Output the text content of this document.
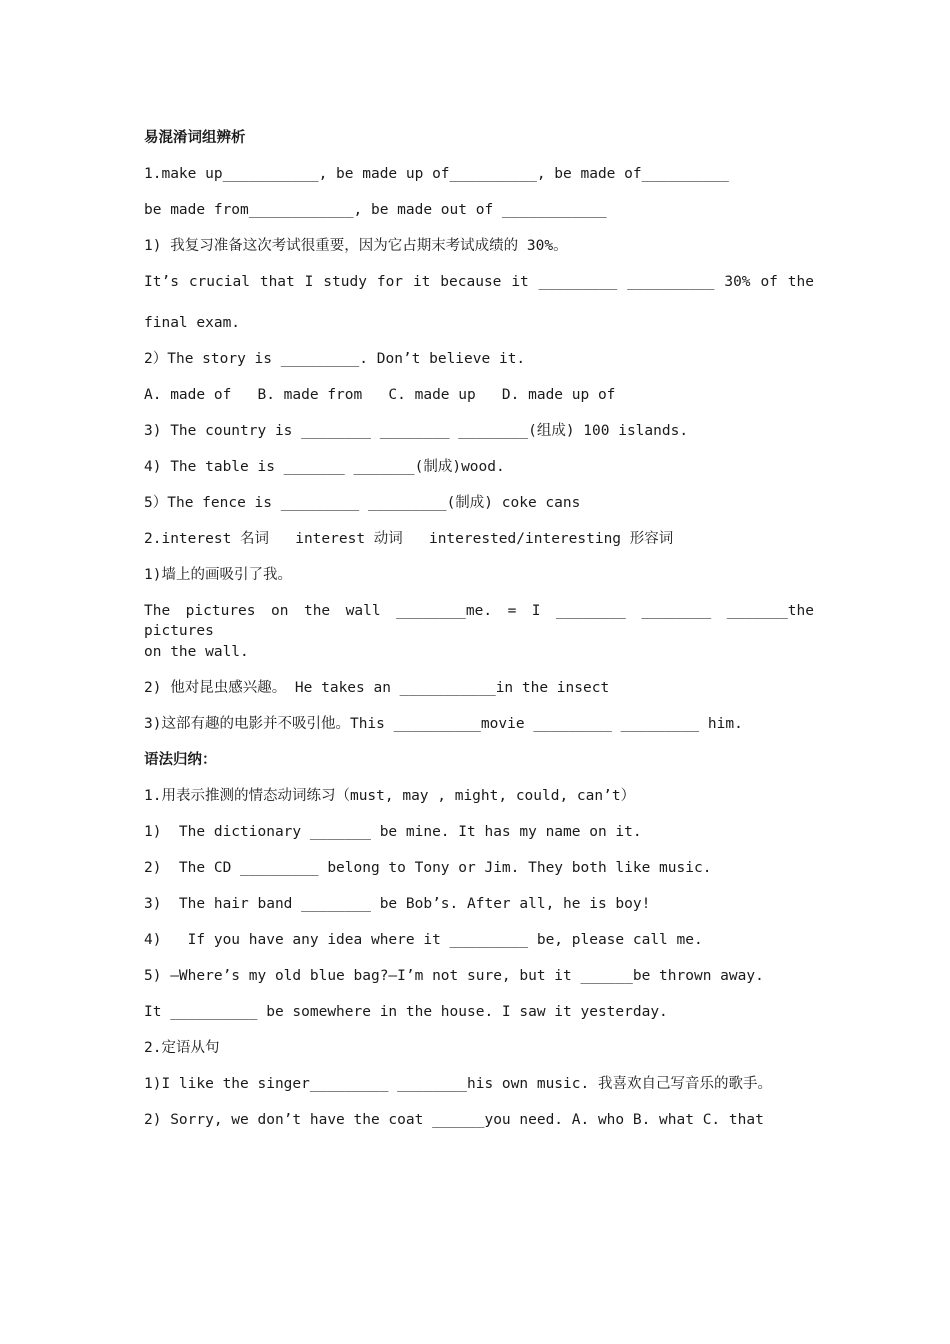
易混淆词组辨析
1.make up___________, be made up of__________, be made of__________
be made from____________, be made out of ____________
1) 我复习准备这次考试很重要，因为它占期末考试成绩的 30%。
It’s crucial that I study for it because it _________ __________ 30% of the
final exam.
2）The story is _________. Don’t believe it.
A. made of   B. made from   C. made up   D. made up of
3) The country is ________ ________ ________(组成) 100 islands.
4) The table is _______ _______(制成)wood.
5）The fence is _________ _________(制成) coke cans
2.interest 名词   interest 动词   interested/interesting 形容词
1)墙上的画吸引了我。
The pictures on the wall ________me. = I ________ ________ _______the pictures
on the wall.
2) 他对昆虫感兴趣。 He takes an ___________in the insect
3)这部有趣的电影并不吸引他。This __________movie _________ _________ him.
语法归纳：
1.用表示推测的情态动词练习（must, may , might, could, can’t）
1)  The dictionary _______ be mine. It has my name on it.
2)  The CD _________ belong to Tony or Jim. They both like music.
3)  The hair band ________ be Bob’s. After all, he is boy!
4)   If you have any idea where it _________ be, please call me.
5) –Where’s my old blue bag?—I’m not sure, but it ______be thrown away.
It __________ be somewhere in the house. I saw it yesterday.
2.定语从句
1)I like the singer_________ ________his own music. 我喜欢自己写音乐的歌手。
2) Sorry, we don’t have the coat ______you need. A. who B. what C. that
